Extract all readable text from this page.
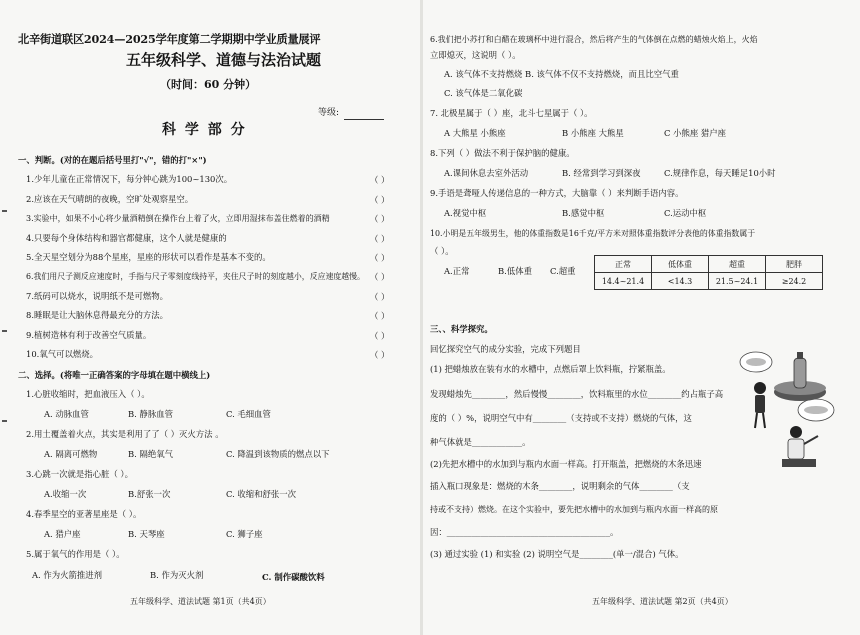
北辛街道联区2024—2025学年度第二学期期中学业质量展评
五年级科学、道德与法治试题
（时间：60 分钟）
等级:
科 学 部 分
一、判断。(对的在题后括号里打"√"，错的打"×")
1.少年儿童在正常情况下，每分钟心跳为100~130次。	（ ）
2.应该在天气晴朗的夜晚，空旷处观察星空。	（ ）
3.实验中，如果不小心将少量酒精倒在操作台上着了火，立即用湿抹布盖住燃着的酒精	（ ）
4.只要每个身体结构和器官都健康，这个人就是健康的	（ ）
5.全天星空划分为88个星座，星座的形状可以看作是基本不变的。	（ ）
6.我们用尺子测反应速度时，手指与尺子零刻度线持平，夹住尺子时的刻度越小，反应速度越慢。 （ ）
7.纸码可以烧水，说明纸不是可燃物。	（ ）
8.睡眠是让大脑休息得最充分的方法。	（ ）
9.植树造林有利于改善空气质量。	（ ）
10.氧气可以燃烧。	（ ）
二、选择。(将唯一正确答案的字母填在题中横线上)
1.心脏收缩时，把血液压入（ ）。
A. 动脉血管	B. 静脉血管	C. 毛细血管
2.用土覆盖着火点，其实是利用了了（ ）灭火方法 。
A. 隔离可燃物	B. 隔绝氧气	C. 降温到该物质的燃点以下
3.心跳一次就是指心脏（ ）。
A.收缩一次	B.舒张一次	C. 收缩和舒张一次
4.春季星空的亚著星座是（ ）。
A. 猎户座	B. 天琴座	C. 狮子座
5.属于氧气的作用是（ ）。
A. 作为火箭推进剂	B. 作为灭火剂	C. 制作碳酸饮料
五年级科学、道法试题 第1页（共4页）
6.我们把小苏打和白醋在玻璃杯中进行混合，然后将产生的气体倒在点燃的蜡烛火焰上，火焰
立即熄灭，这说明（ ）。
A. 该气体不支持燃烧 B. 该气体不仅不支持燃烧，而且比空气重
C. 该气体是二氧化碳
7. 北极星属于（ ）座，北斗七星属于（ ）。
A 大熊星 小熊座	B 小熊座 大熊星	C 小熊座 猎户座
8.下列（ ）做法不利于保护脑的健康。
A.课间休息去室外活动	B. 经常到学习到深夜	C.规律作息，每天睡足10小时
9.手语是聋哑人传递信息的一种方式，大脑靠（ ）来判断手语内容。
A.视觉中枢	B.感觉中枢	C.运动中枢
10.小明是五年级男生，他的体重指数是16千克/平方米对照体重指数评分表他的体重指数属于
（ ）。
A.正常	B.低体重 C.超重
三、、科学探究。
回忆探究空气的成分实验，完成下列题目
(1) 把蜡烛放在装有水的水槽中，点燃后罩上饮料瓶，拧紧瓶盖。
发现蜡烛先________，然后慢慢________，饮料瓶里的水位________约占瓶子高
度的（ ）%，说明空气中有________（支持或不支持）燃烧的气体，这
种气体就是____________。
(2)先把水槽中的水加到与瓶内水面一样高。打开瓶盖，把燃烧的木条迅速
插入瓶口现象是：燃烧的木条________，说明剩余的气体________（支
持或不支持）燃烧。在这个实验中，要先把水槽中的水加到与瓶内水面一样高的原
因：_______________________________________。
(3) 通过实验 (1) 和实验 (2) 说明空气是________(单一/混合) 气体。
五年级科学、道法试题 第2页（共4页）
正常	低体重	超重	肥胖
14.4~21.4	<14.3	21.5~24.1	≥24.2
